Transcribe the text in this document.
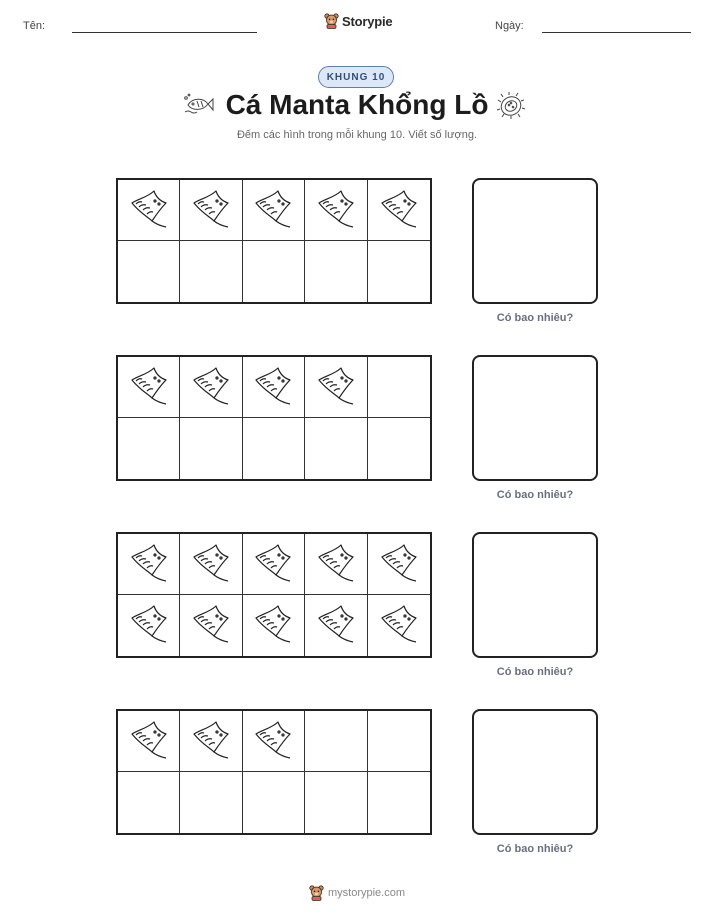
Tên:	Storypie	Ngày:
KHUNG 10
Cá Manta Khổng Lồ
Đếm các hình trong mỗi khung 10. Viết số lượng.
Có bao nhiêu?
Có bao nhiêu?
Có bao nhiêu?
Có bao nhiêu?
mystorypie.com
